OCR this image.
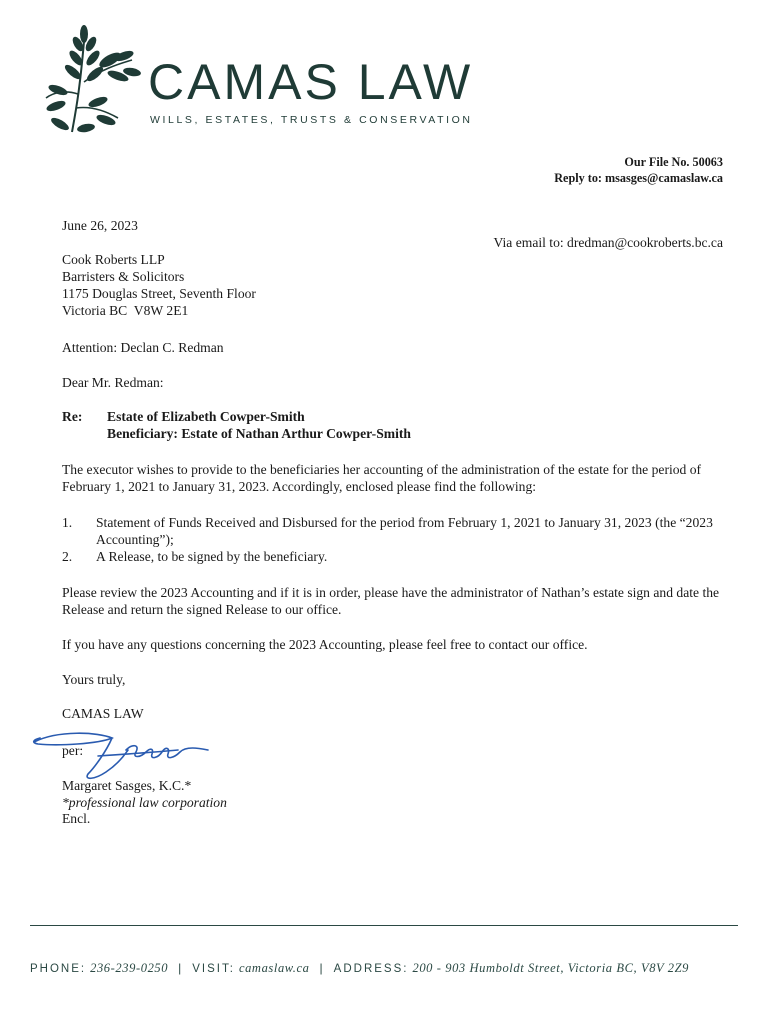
CAMAS LAW
WILLS, ESTATES, TRUSTS & CONSERVATION
Our File No. 50063
Reply to: msasges@camaslaw.ca
June 26, 2023
Via email to: dredman@cookroberts.bc.ca
Cook Roberts LLP
Barristers & Solicitors
1175 Douglas Street, Seventh Floor
Victoria BC  V8W 2E1
Attention: Declan C. Redman
Dear Mr. Redman:
Re:	Estate of Elizabeth Cowper-Smith
Beneficiary: Estate of Nathan Arthur Cowper-Smith
The executor wishes to provide to the beneficiaries her accounting of the administration of the estate for the period of February 1, 2021 to January 31, 2023. Accordingly, enclosed please find the following:
1.	Statement of Funds Received and Disbursed for the period from February 1, 2021 to January 31, 2023 (the “2023 Accounting”);
2.	A Release, to be signed by the beneficiary.
Please review the 2023 Accounting and if it is in order, please have the administrator of Nathan’s estate sign and date the Release and return the signed Release to our office.
If you have any questions concerning the 2023 Accounting, please feel free to contact our office.
Yours truly,
CAMAS LAW
per:
Margaret Sasges, K.C.*
*professional law corporation
Encl.
PHONE: 236-239-0250 | VISIT: camaslaw.ca | ADDRESS: 200 - 903 Humboldt Street, Victoria BC, V8V 2Z9
